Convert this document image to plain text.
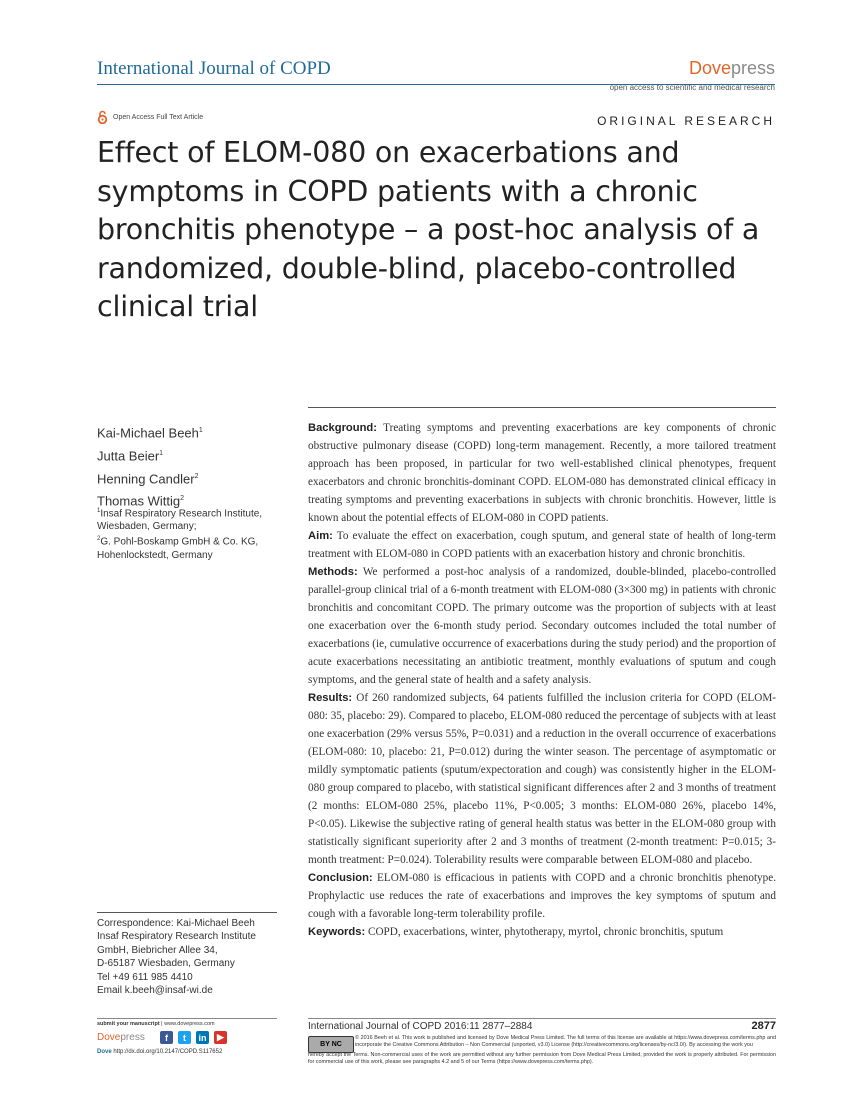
International Journal of COPD	Dovepress
open access to scientific and medical research
Open Access Full Text Article	ORIGINAL RESEARCH
Effect of ELOM-080 on exacerbations and symptoms in COPD patients with a chronic bronchitis phenotype – a post-hoc analysis of a randomized, double-blind, placebo-controlled clinical trial
Kai-Michael Beeh$^1$
Jutta Beier$^1$
Henning Candler$^2$
Thomas Wittig$^2$
$^1$Insaf Respiratory Research Institute, Wiesbaden, Germany;
$^2$G. Pohl-Boskamp GmbH & Co. KG, Hohenlockstedt, Germany

Background: Treating symptoms and preventing exacerbations are key components of chronic obstructive pulmonary disease (COPD) long-term management. Recently, a more tailored treatment approach has been proposed, in particular for two well-established clinical phenotypes, frequent exacerbators and chronic bronchitis-dominant COPD. ELOM-080 has demonstrated clinical efficacy in treating symptoms and preventing exacerbations in subjects with chronic bronchitis. However, little is known about the potential effects of ELOM-080 in COPD patients.

Aim: To evaluate the effect on exacerbation, cough sputum, and general state of health of long-term treatment with ELOM-080 in COPD patients with an exacerbation history and chronic bronchitis.

Methods: We performed a post-hoc analysis of a randomized, double-blinded, placebo-controlled parallel-group clinical trial of a 6-month treatment with ELOM-080 (3×300 mg) in patients with chronic bronchitis and concomitant COPD. The primary outcome was the proportion of subjects with at least one exacerbation over the 6-month study period. Secondary outcomes included the total number of exacerbations (ie, cumulative occurrence of exacerbations during the study period) and the proportion of acute exacerbations necessitating an antibiotic treatment, monthly evaluations of sputum and cough symptoms, and the general state of health and a safety analysis.

Results: Of 260 randomized subjects, 64 patients fulfilled the inclusion criteria for COPD (ELOM-080: 35, placebo: 29). Compared to placebo, ELOM-080 reduced the percentage of subjects with at least one exacerbation (29% versus 55%, P=0.031) and a reduction in the overall occurrence of exacerbations (ELOM-080: 10, placebo: 21, P=0.012) during the winter season. The percentage of asymptomatic or mildly symptomatic patients (sputum/expectoration and cough) was consistently higher in the ELOM-080 group compared to placebo, with statistical significant differences after 2 and 3 months of treatment (2 months: ELOM-080 25%, placebo 11%, P<0.005; 3 months: ELOM-080 26%, placebo 14%, P<0.05). Likewise the subjective rating of general health status was better in the ELOM-080 group with statistically significant superiority after 2 and 3 months of treatment (2-month treatment: P=0.015; 3-month treatment: P=0.024). Tolerability results were comparable between ELOM-080 and placebo.

Conclusion: ELOM-080 is efficacious in patients with COPD and a chronic bronchitis phenotype. Prophylactic use reduces the rate of exacerbations and improves the key symptoms of sputum and cough with a favorable long-term tolerability profile.

Keywords: COPD, exacerbations, winter, phytotherapy, myrtol, chronic bronchitis, sputum

Correspondence: Kai-Michael Beeh
Insaf Respiratory Research Institute
GmbH, Biebricher Allee 34,
D-65187 Wiesbaden, Germany
Tel +49 611 985 4410
Email k.beeh@insaf-wi.de
submit your manuscript | www.dovepress.com
Dovepress	f	t	in	▶
Dove http://dx.doi.org/10.2147/COPD.S117652
International Journal of COPD 2016:11 2877–2884	2877
BY NC
© 2016 Beeh et al. This work is published and licensed by Dove Medical Press Limited. The full terms of this license are available at https://www.dovepress.com/terms.php and incorporate the Creative Commons Attribution – Non Commercial (unported, v3.0) License (http://creativecommons.org/licenses/by-nc/3.0/). By accessing the work you
hereby accept the Terms. Non-commercial uses of the work are permitted without any further permission from Dove Medical Press Limited, provided the work is properly attributed. For permission for commercial use of this work, please see paragraphs 4.2 and 5 of our Terms (https://www.dovepress.com/terms.php).
